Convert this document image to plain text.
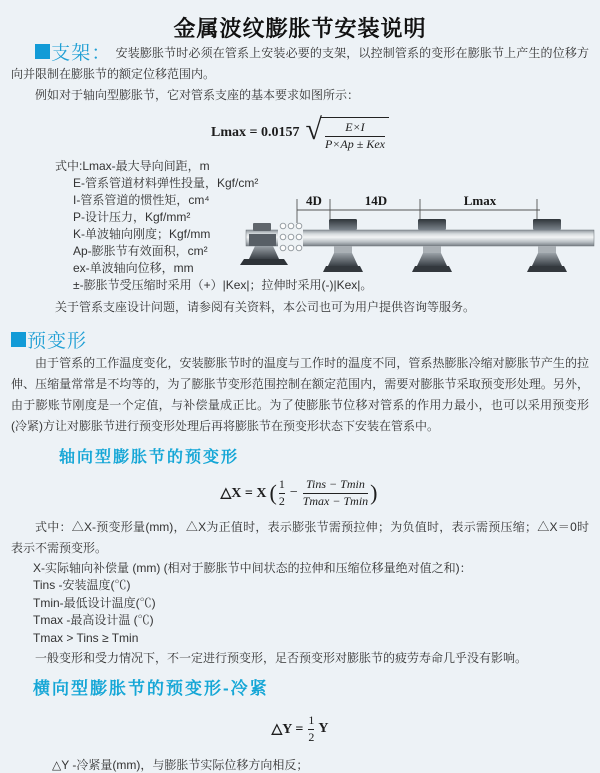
金属波纹膨胀节安装说明

支架： 安装膨胀节时必须在管系上安装必要的支架，以控制管系的变形在膨胀节上产生的位移方向并限制在膨胀节的额定位移范围内。

例如对于轴向型膨胀节，它对管系支座的基本要求如图所示：

Lmax = 0.0157 √ $\frac{E\times I}{\text{P×Ap ± Kex}}$
式中:Lmax-最大导向间距，m
E-管系管道材料弹性投量，Kgf/cm²
I-管系管道的惯性矩，cm⁴
P-设计压力，Kgf/mm²
K-单波轴向刚度；Kgf/mm
Ap-膨胀节有效面积，cm²
ex-单波轴向位移，mm
±-膨胀节受压缩时采用（+）|Kex|；拉伸时采用(-)|Kex|。
关于管系支座设计问题，请参阅有关资料，本公司也可为用户提供咨询等服务。
4D	14D	Lmax
预变形

由于管系的工作温度变化，安装膨胀节时的温度与工作时的温度不同，管系热膨胀冷缩对膨胀节产生的拉伸、压缩量常常是不均等的，为了膨胀节变形范围控制在额定范围内，需要对膨胀节采取预变形处理。另外，由于膨账节刚度是一个定值，与补偿量成正比。为了使膨胀节位移对管系的作用力最小，也可以采用预变形(冷紧)方让对膨胀节进行预变形处理后再将膨胀节在预变形状态下安装在管系中。

轴向型膨胀节的预变形
△X = X ( $\frac{1}{2} - \frac{\text{Tins − Tmin}}{Tmax - Tmin}$ )

式中：△X-预变形量(mm)，△X为正值时，表示膨张节需预拉伸；为负值时，表示需预压缩；△X＝0时表示不需预变形。

X-实际轴向补偿量 (mm) (相对于膨胀节中间状态的拉伸和压缩位移量绝对值之和)：
Tins -安装温度(℃)
Tmin-最低设计温度(℃)
Tmax -最高设计温 (℃)
Tmax > Tins ≥ Tmin
一般变形和受力情况下，不一定进行预变形，足否预变形对膨胀节的疲劳寿命几乎没有影响。
横向型膨胀节的预变形-冷紧
△Y = $\frac{1}{2}$ Y
△Y -冷紧量(mm)，与膨胀节实际位移方向相反；
